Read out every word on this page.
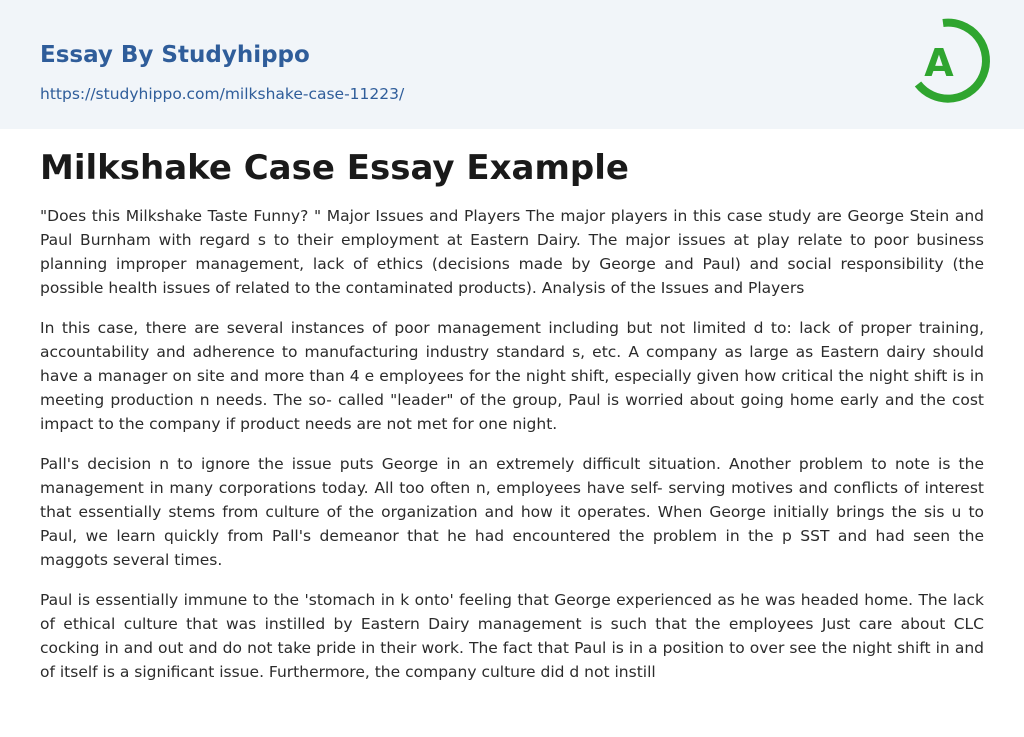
Essay By Studyhippo
https://studyhippo.com/milkshake-case-11223/
A
Milkshake Case Essay Example

"Does this Milkshake Taste Funny? " Major Issues and Players The major players in this case study are George Stein and Paul Burnham with regard s to their employment at Eastern Dairy. The major issues at play relate to poor business planning improper management, lack of ethics (decisions made by George and Paul) and social responsibility (the possible health issues of related to the contaminated products). Analysis of the Issues and Players

In this case, there are several instances of poor management including but not limited d to: lack of proper training, accountability and adherence to manufacturing industry standard s, etc. A company as large as Eastern dairy should have a manager on site and more than 4 e employees for the night shift, especially given how critical the night shift is in meeting production n needs. The so- called "leader" of the group, Paul is worried about going home early and the cost impact to the company if product needs are not met for one night.

Pall's decision n to ignore the issue puts George in an extremely difficult situation. Another problem to note is the management in many corporations today. All too often n, employees have self- serving motives and conflicts of interest that essentially stems from culture of the organization and how it operates. When George initially brings the sis u to Paul, we learn quickly from Pall's demeanor that he had encountered the problem in the p SST and had seen the maggots several times.

Paul is essentially immune to the 'stomach in k onto' feeling that George experienced as he was headed home. The lack of ethical culture that was instilled by Eastern Dairy management is such that the employees Just care about CLC cocking in and out and do not take pride in their work. The fact that Paul is in a position to over see the night shift in and of itself is a significant issue. Furthermore, the company culture did d not instill
